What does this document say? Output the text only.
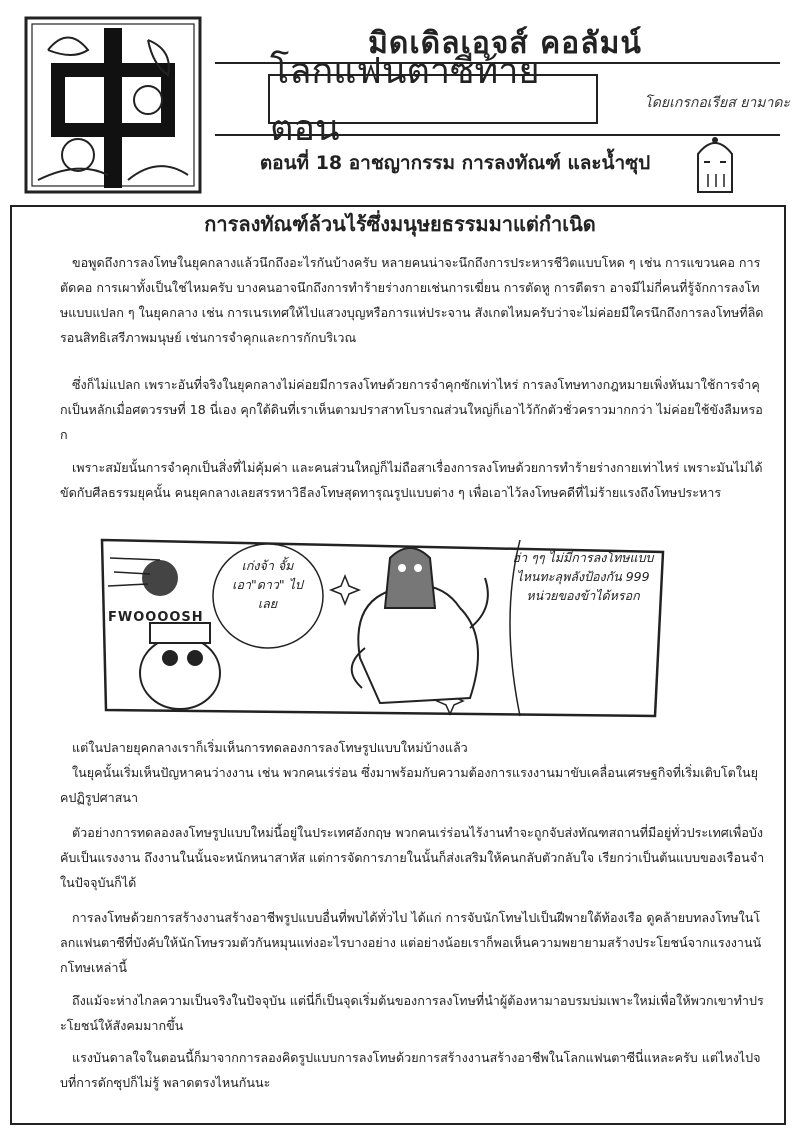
มิดเดิลเอจส์ คอลัมน์
โลกแฟนตาซีท้ายตอน
โดยเกรกอเรียส ยามาดะ
ตอนที่ 18 อาชญากรรม การลงทัณฑ์ และน้ำซุป
การลงทัณฑ์ล้วนไร้ซึ่งมนุษยธรรมมาแต่กำเนิด
ขอพูดถึงการลงโทษในยุคกลางแล้วนึกถึงอะไรกันบ้างครับ หลายคนน่าจะนึกถึงการประหารชีวิตแบบโหด ๆ เช่น การแขวนคอ การตัดคอ การเผาทั้งเป็นใช่ไหมครับ บางคนอาจนึกถึงการทำร้ายร่างกายเช่นการเฆี่ยน การตัดหู การตีตรา อาจมีไม่กี่คนที่รู้จักการลงโทษแบบแปลก ๆ ในยุคกลาง เช่น การเนรเทศให้ไปแสวงบุญหรือการแห่ประจาน สังเกตไหมครับว่าจะไม่ค่อยมีใครนึกถึงการลงโทษที่ลิดรอนสิทธิเสรีภาพมนุษย์ เช่นการจำคุกและการกักบริเวณ
ซึ่งก็ไม่แปลก เพราะอันที่จริงในยุคกลางไม่ค่อยมีการลงโทษด้วยการจำคุกซักเท่าไหร่ การลงโทษทางกฎหมายเพิ่งหันมาใช้การจำคุกเป็นหลักเมื่อศตวรรษที่ 18 นี่เอง คุกใต้ดินที่เราเห็นตามปราสาทโบราณส่วนใหญ่ก็เอาไว้กักตัวชั่วคราวมากกว่า ไม่ค่อยใช้ขังลืมหรอก
เพราะสมัยนั้นการจำคุกเป็นสิ่งที่ไม่คุ้มค่า และคนส่วนใหญ่ก็ไม่ถือสาเรื่องการลงโทษด้วยการทำร้ายร่างกายเท่าไหร่ เพราะมันไม่ได้ขัดกับศีลธรรมยุคนั้น คนยุคกลางเลยสรรหาวิธีลงโทษสุดทารุณรูปแบบต่าง ๆ เพื่อเอาไว้ลงโทษคดีที่ไม่ร้ายแรงถึงโทษประหาร
FWOOOOSH
เก่งจ้า จั้มเอา"ดาว" ไปเลย
ฮ่า ๆๆ ไม่มีการลงโทษแบบไหนทะลุพลังป้องกัน 999 หน่วยของข้าได้หรอก
แต่ในปลายยุคกลางเราก็เริ่มเห็นการทดลองการลงโทษรูปแบบใหม่บ้างแล้ว
ในยุคนั้นเริ่มเห็นปัญหาคนว่างงาน เช่น พวกคนเร่ร่อน ซึ่งมาพร้อมกับความต้องการแรงงานมาขับเคลื่อนเศรษฐกิจที่เริ่มเติบโตในยุคปฏิรูปศาสนา
ตัวอย่างการทดลองลงโทษรูปแบบใหม่นี้อยู่ในประเทศอังกฤษ พวกคนเร่ร่อนไร้งานทำจะถูกจับส่งทัณฑสถานที่มีอยู่ทั่วประเทศเพื่อบังคับเป็นแรงงาน ถึงงานในนั้นจะหนักหนาสาหัส แต่การจัดการภายในนั้นก็ส่งเสริมให้คนกลับตัวกลับใจ เรียกว่าเป็นต้นแบบของเรือนจำในปัจจุบันก็ได้
การลงโทษด้วยการสร้างงานสร้างอาชีพรูปแบบอื่นที่พบได้ทั่วไป ได้แก่ การจับนักโทษไปเป็นฝีพายใต้ท้องเรือ ดูคล้ายบทลงโทษในโลกแฟนตาซีที่บังคับให้นักโทษรวมตัวกันหมุนแท่งอะไรบางอย่าง แต่อย่างน้อยเราก็พอเห็นความพยายามสร้างประโยชน์จากแรงงานนักโทษเหล่านี้
ถึงแม้จะห่างไกลความเป็นจริงในปัจจุบัน แต่นี่ก็เป็นจุดเริ่มต้นของการลงโทษที่นำผู้ต้องหามาอบรมบ่มเพาะใหม่เพื่อให้พวกเขาทำประโยชน์ให้สังคมมากขึ้น
แรงบันดาลใจในตอนนี้ก็มาจากการลองคิดรูปแบบการลงโทษด้วยการสร้างงานสร้างอาชีพในโลกแฟนตาซีนี่แหละครับ แต่ไหงไปจบที่การดักซุปก็ไม่รู้ พลาดตรงไหนกันนะ
